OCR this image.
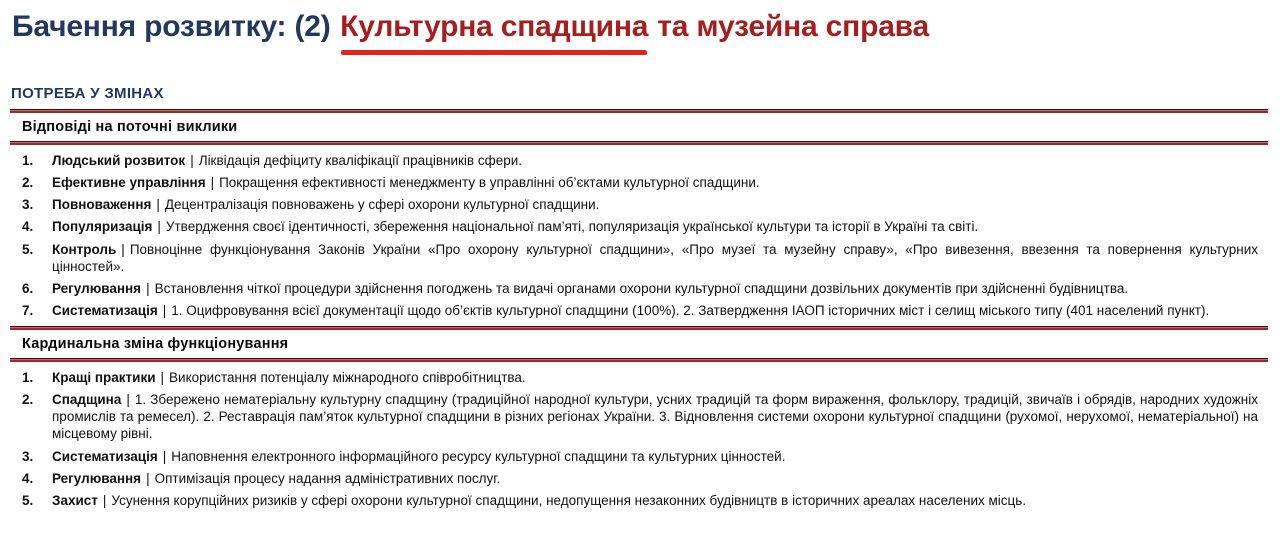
Бачення розвитку: (2) Культурна спадщина та музейна справа
ПОТРЕБА У ЗМІНАХ
Відповіді на поточні виклики
1.	Людський розвиток | Ліквідація дефіциту кваліфікації працівників сфери.

2.	Ефективне управління | Покращення ефективності менеджменту в управлінні об’єктами культурної спадщини.

3.	Повноваження | Децентралізація повноважень у сфері охорони культурної спадщини.

4.	Популяризація | Утвердження своєї ідентичності, збереження національної пам’яті, популяризація української культури та історії в Україні та світі.

5.	Контроль | Повноцінне функціонування Законів України «Про охорону культурної спадщини», «Про музеї та музейну справу», «Про вивезення, ввезення та повернення культурних цінностей».

6.	Регулювання | Встановлення чіткої процедури здійснення погоджень та видачі органами охорони культурної спадщини дозвільних документів при здійсненні будівництва.

7.	Систематизація | 1. Оцифровування всієї документації щодо об’єктів культурної спадщини (100%). 2. Затвердження ІАОП історичних міст і селищ міського типу (401 населений пункт).

Кардинальна зміна функціонування
1.	Кращі практики | Використання потенціалу міжнародного співробітництва.

2.	Спадщина | 1. Збережено нематеріальну культурну спадщину (традиційної народної культури, усних традицій та форм вираження, фольклору, традицій, звичаїв і обрядів, народних художніх промислів та ремесел). 2. Реставрація пам’яток культурної спадщини в різних регіонах України. 3. Відновлення системи охорони культурної спадщини (рухомої, нерухомої, нематеріальної) на місцевому рівні.

3.	Систематизація | Наповнення електронного інформаційного ресурсу культурної спадщини та культурних цінностей.

4.	Регулювання | Оптимізація процесу надання адміністративних послуг.

5.	Захист | Усунення корупційних ризиків у сфері охорони культурної спадщини, недопущення незаконних будівництв в історичних ареалах населених місць.
